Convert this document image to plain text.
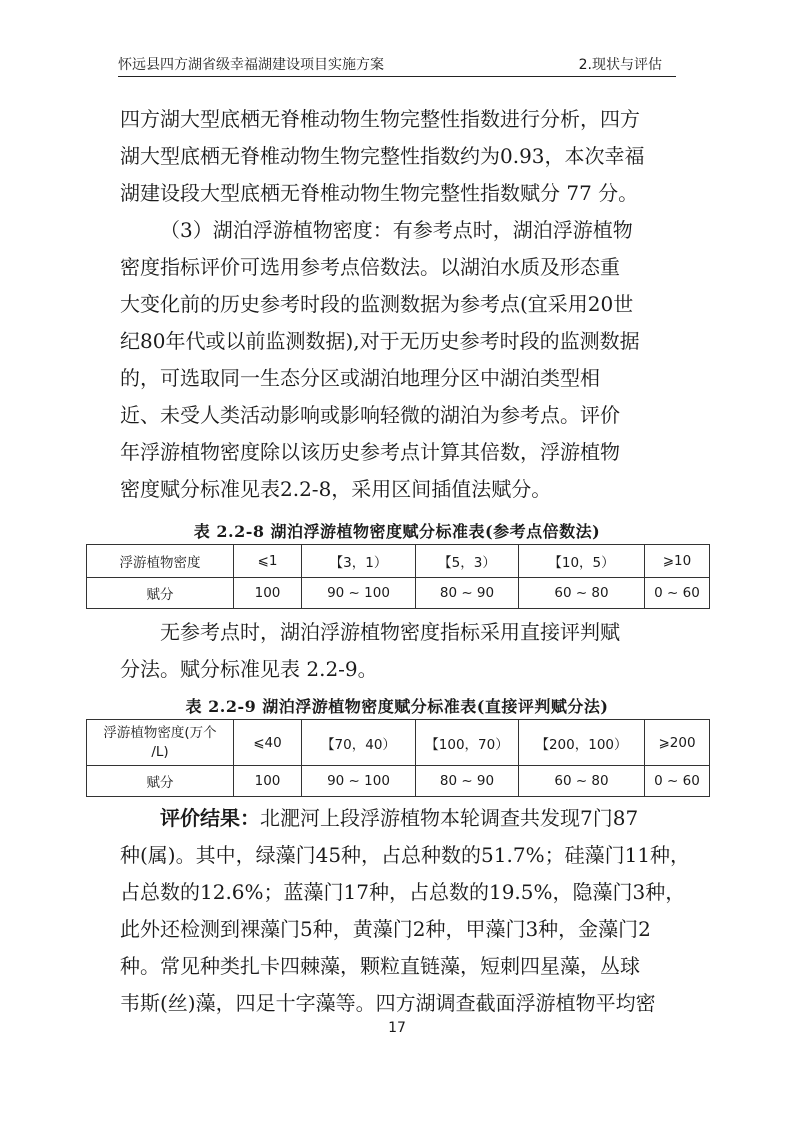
怀远县四方湖省级幸福湖建设项目实施方案	2.现状与评估
四方湖大型底栖无脊椎动物生物完整性指数进行分析，四方
湖大型底栖无脊椎动物生物完整性指数约为0.93，本次幸福
湖建设段大型底栖无脊椎动物生物完整性指数赋分 77 分。
（3）湖泊浮游植物密度：有参考点时，湖泊浮游植物
密度指标评价可选用参考点倍数法。以湖泊水质及形态重
大变化前的历史参考时段的监测数据为参考点(宜采用20世
纪80年代或以前监测数据),对于无历史参考时段的监测数据
的，可选取同一生态分区或湖泊地理分区中湖泊类型相
近、未受人类活动影响或影响轻微的湖泊为参考点。评价
年浮游植物密度除以该历史参考点计算其倍数，浮游植物
密度赋分标准见表2.2-8，采用区间插值法赋分。
表 2.2-8 湖泊浮游植物密度赋分标准表(参考点倍数法)
浮游植物密度	⩽1	【3，1）	【5，3）	【10，5）	⩾10
赋分	100	90 ~ 100	80 ~ 90	60 ~ 80	0 ~ 60
无参考点时，湖泊浮游植物密度指标采用直接评判赋
分法。赋分标准见表 2.2-9。
表 2.2-9 湖泊浮游植物密度赋分标准表(直接评判赋分法)
浮游植物密度(万个
/L)	⩽40	【70，40）	【100，70）	【200，100）	⩾200
赋分	100	90 ~ 100	80 ~ 90	60 ~ 80	0 ~ 60
评价结果：北淝河上段浮游植物本轮调查共发现7门87
种(属)。其中，绿藻门45种，占总种数的51.7%；硅藻门11种，
占总数的12.6%；蓝藻门17种，占总数的19.5%，隐藻门3种，
此外还检测到裸藻门5种，黄藻门2种，甲藻门3种，金藻门2
种。常见种类扎卡四棘藻，颗粒直链藻，短刺四星藻，丛球
韦斯(丝)藻，四足十字藻等。四方湖调查截面浮游植物平均密
17
